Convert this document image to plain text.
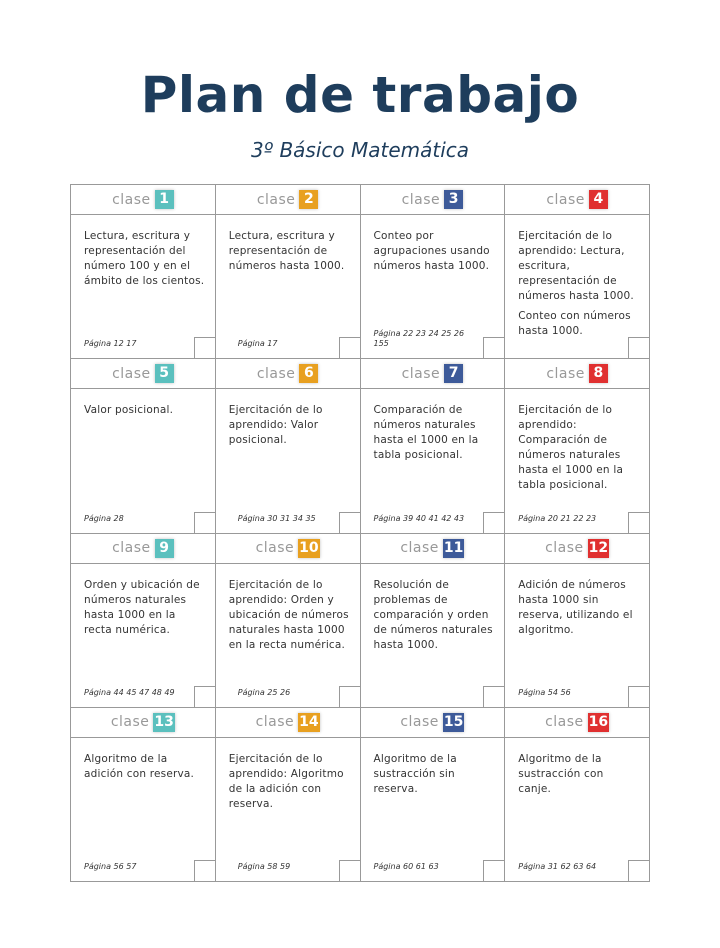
Plan de trabajo
3º Básico Matemática
clase 1

Lectura, escritura y representación del número 100 y en el ámbito de los cientos.

Página 12 17
clase 2

Lectura, escritura y representación de números hasta 1000.

Página 17
clase 3

Conteo por agrupaciones usando números hasta 1000.

Página 22 23 24 25 26 155
clase 4

Ejercitación de lo aprendido: Lectura, escritura, representación de números hasta 1000.

Conteo con números hasta 1000.

clase 5

Valor posicional.

Página 28
clase 6

Ejercitación de lo aprendido: Valor posicional.

Página 30 31 34 35
clase 7

Comparación de números naturales hasta el 1000 en la tabla posicional.

Página 39 40 41 42 43
clase 8

Ejercitación de lo aprendido: Comparación de números naturales hasta el 1000 en la tabla posicional.

Página 20 21 22 23
clase 9

Orden y ubicación de números naturales hasta 1000 en la recta numérica.

Página 44 45 47 48 49
clase 10

Ejercitación de lo aprendido: Orden y ubicación de números naturales hasta 1000 en la recta numérica.

Página 25 26
clase 11

Resolución de problemas de comparación y orden de números naturales hasta 1000.

clase 12

Adición de números hasta 1000 sin reserva, utilizando el algoritmo.

Página 54 56
clase 13

Algoritmo de la adición con reserva.

Página 56 57
clase 14

Ejercitación de lo aprendido: Algoritmo de la adición con reserva.

Página 58 59
clase 15

Algoritmo de la sustracción sin reserva.

Página 60 61 63
clase 16

Algoritmo de la sustracción con canje.

Página 31 62 63 64
